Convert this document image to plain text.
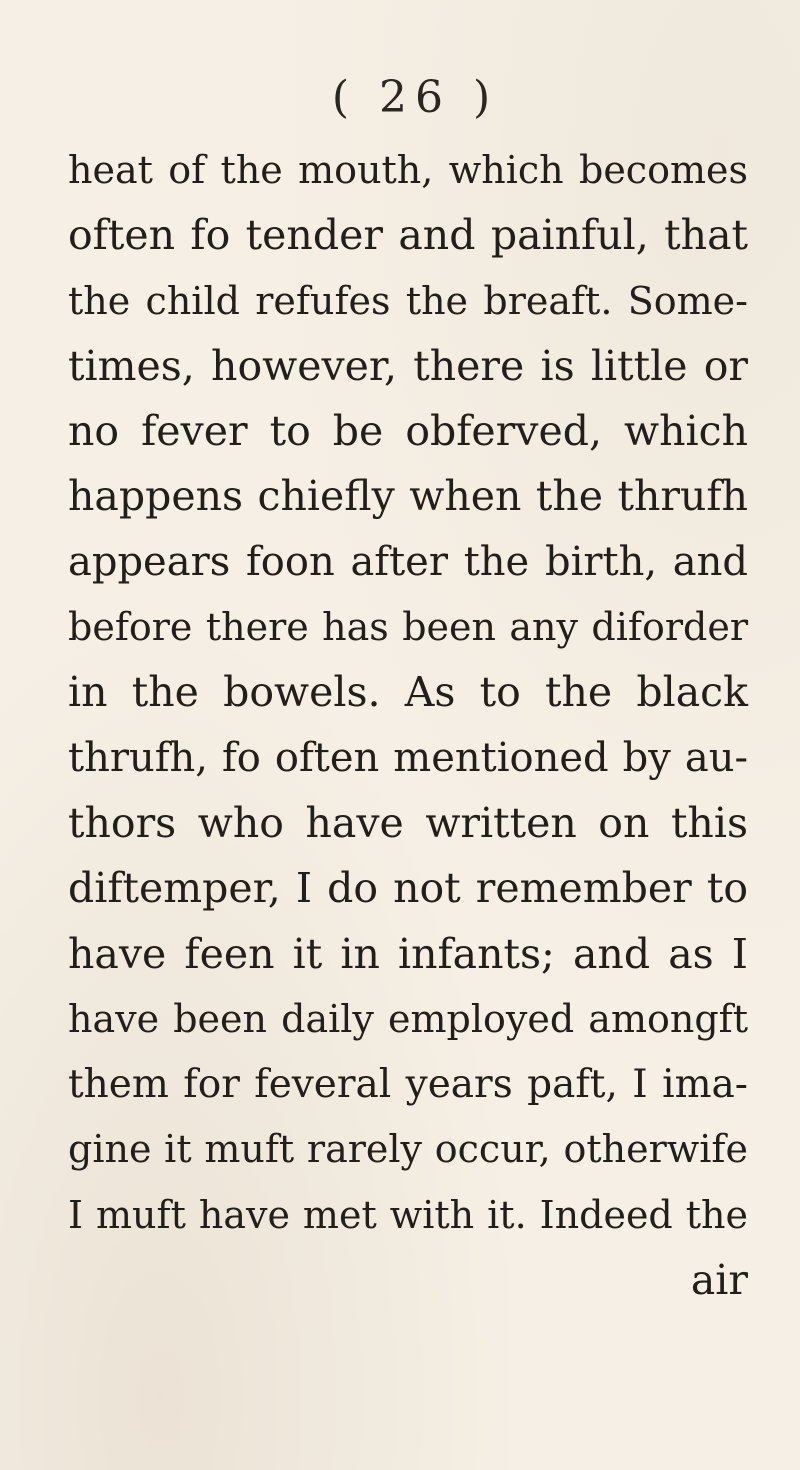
( 26 )
heat of the mouth, which becomes
often fo tender and painful, that
the child refufes the breaft. Some-
times, however, there is little or
no fever to be obferved, which
happens chiefly when the thrufh
appears foon after the birth, and
before there has been any diforder
in the bowels. As to the black
thrufh, fo often mentioned by au-
thors who have written on this
diftemper, I do not remember to
have feen it in infants; and as I
have been daily employed amongft
them for feveral years paft, I ima-
gine it muft rarely occur, otherwife
I muft have met with it. Indeed the
air
